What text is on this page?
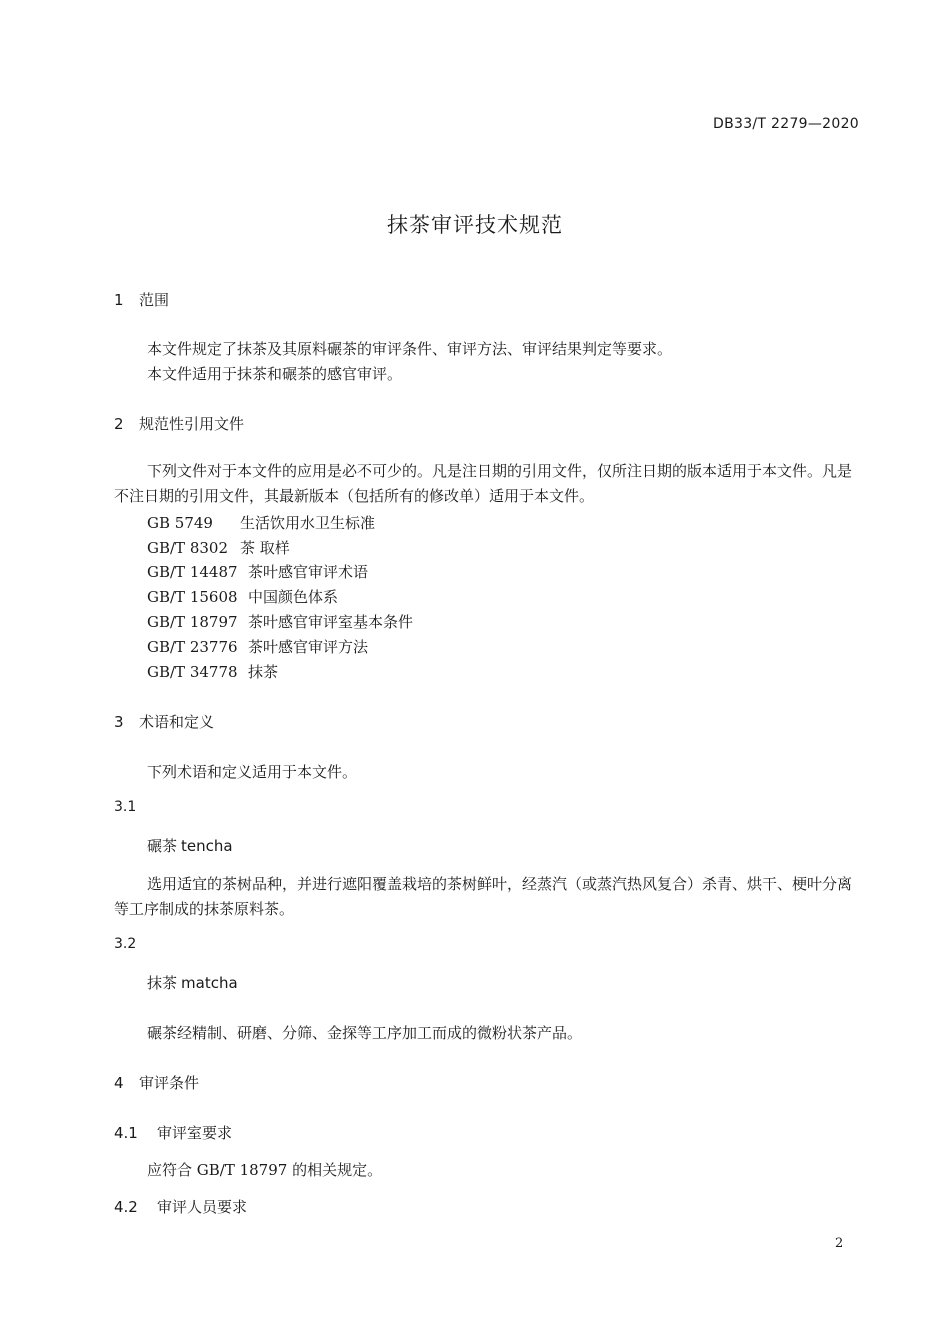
DB33/T 2279—2020
抹茶审评技术规范
1 范围
本文件规定了抹茶及其原料碾茶的审评条件、审评方法、审评结果判定等要求。
本文件适用于抹茶和碾茶的感官审评。
2 规范性引用文件
下列文件对于本文件的应用是必不可少的。凡是注日期的引用文件，仅所注日期的版本适用于本文件。凡是不注日期的引用文件，其最新版本（包括所有的修改单）适用于本文件。
GB 5749 生活饮用水卫生标准
GB/T 8302 茶 取样
GB/T 14487 茶叶感官审评术语
GB/T 15608 中国颜色体系
GB/T 18797 茶叶感官审评室基本条件
GB/T 23776 茶叶感官审评方法
GB/T 34778 抹茶
3 术语和定义
下列术语和定义适用于本文件。
3.1
碾茶 tencha
选用适宜的茶树品种，并进行遮阳覆盖栽培的茶树鲜叶，经蒸汽（或蒸汽热风复合）杀青、烘干、梗叶分离等工序制成的抹茶原料茶。
3.2
抹茶 matcha
碾茶经精制、研磨、分筛、金探等工序加工而成的微粉状茶产品。
4 审评条件
4.1 审评室要求
应符合 GB/T 18797 的相关规定。
4.2 审评人员要求
2
